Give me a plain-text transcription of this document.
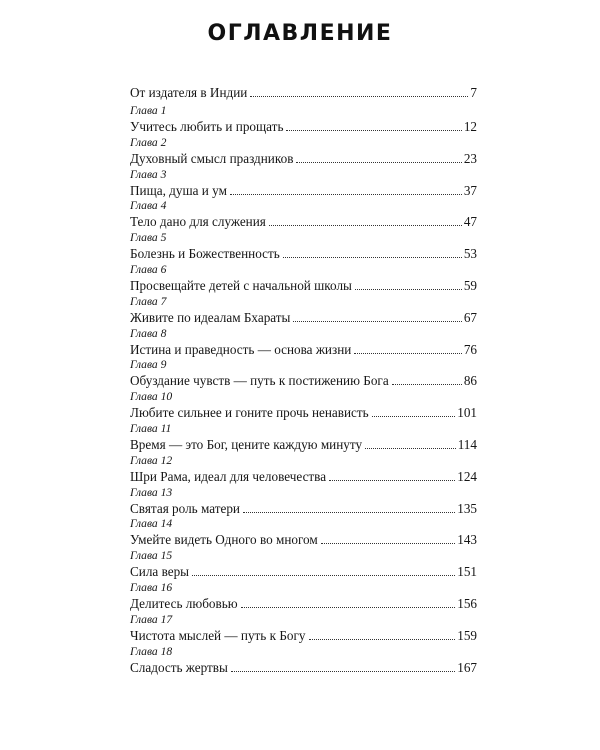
ОГЛАВЛЕНИЕ
От издателя в Индии	7
Глава 1
Учитесь любить и прощать	12
Глава 2
Духовный смысл праздников	23
Глава 3
Пища, душа и ум	37
Глава 4
Тело дано для служения	47
Глава 5
Болезнь и Божественность	53
Глава 6
Просвещайте детей с начальной школы	59
Глава 7
Живите по идеалам Бхараты	67
Глава 8
Истина и праведность — основа жизни	76
Глава 9
Обуздание чувств — путь к постижению Бога	86
Глава 10
Любите сильнее и гоните прочь ненависть	101
Глава 11
Время — это Бог, цените каждую минуту	114
Глава 12
Шри Рама, идеал для человечества	124
Глава 13
Святая роль матери	135
Глава 14
Умейте видеть Одного во многом	143
Глава 15
Сила веры	151
Глава 16
Делитесь любовью	156
Глава 17
Чистота мыслей — путь к Богу	159
Глава 18
Сладость жертвы	167
